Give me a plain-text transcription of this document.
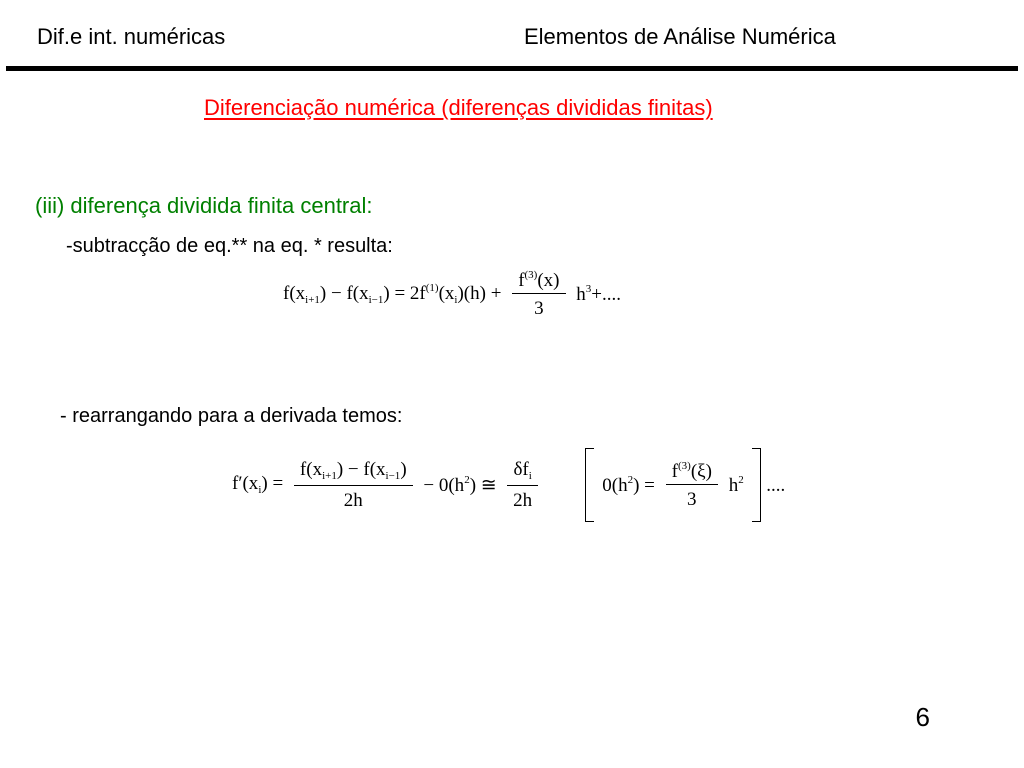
Dif.e int. numéricas	Elementos de Análise Numérica
Diferenciação numérica (diferenças divididas finitas)
(iii) diferença dividida finita central:
-subtracção de eq.** na eq. * resulta:
$f(x_{i+1}) - f(x_{i-1}) = 2f^{(1)}(x_i)(h) + \frac{f^{(3)}(x)}{3} h^3+$....
- rearrangando para a derivada temos:
$f'(x_i) = \frac{f(x_{i+1}) - f(x_{i-1})}{2h} - 0(h^2)$ ≅ $\frac{\delta f_i}{2h}$	$0(h^2) = \frac{f^{(3)}(\xi)}{3} h^2$ ....
6
